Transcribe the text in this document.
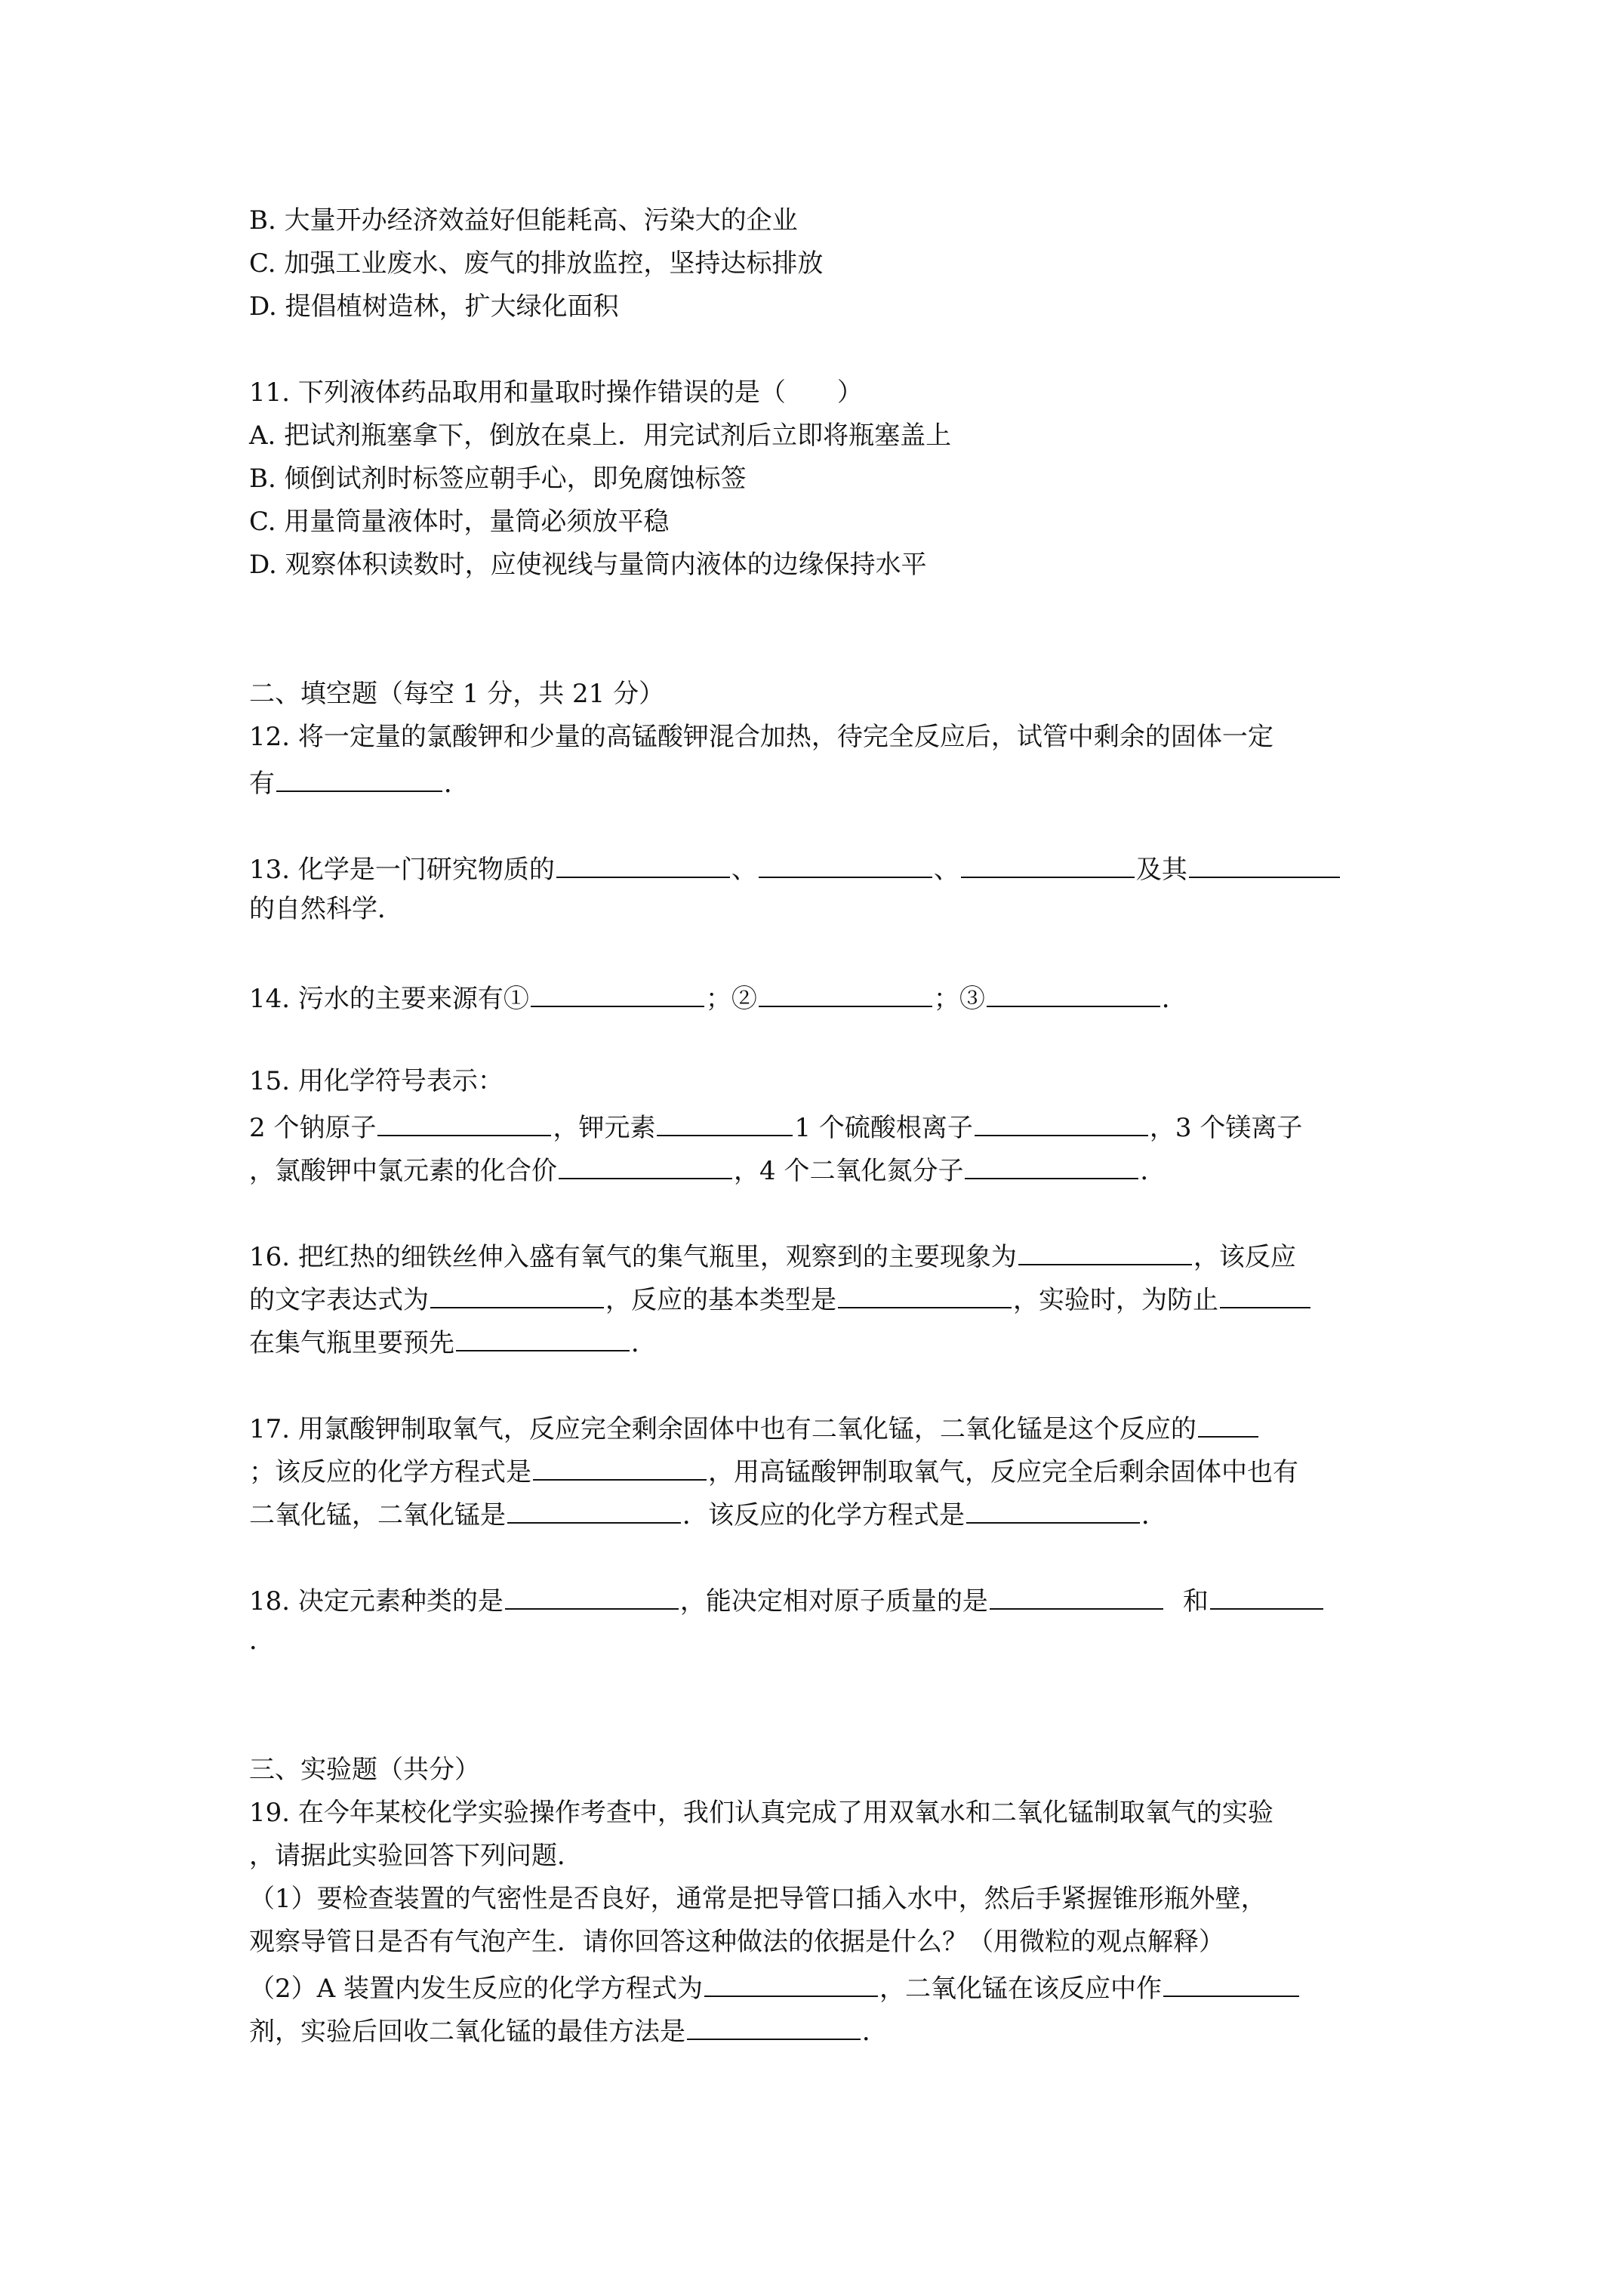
B. 大量开办经济效益好但能耗高、污染大的企业
C. 加强工业废水、废气的排放监控，坚持达标排放
D. 提倡植树造林，扩大绿化面积
11. 下列液体药品取用和量取时操作错误的是（　　）
A. 把试剂瓶塞拿下，倒放在桌上．用完试剂后立即将瓶塞盖上
B. 倾倒试剂时标签应朝手心，即免腐蚀标签
C. 用量筒量液体时，量筒必须放平稳
D. 观察体积读数时，应使视线与量筒内液体的边缘保持水平
二、填空题（每空 1 分，共 21 分）
12. 将一定量的氯酸钾和少量的高锰酸钾混合加热，待完全反应后，试管中剩余的固体一定
有	．
13. 化学是一门研究物质的	、	、	及其
的自然科学．
14. 污水的主要来源有①	；②	；③	．
15. 用化学符号表示：
2 个钠原子	，钾元素	1 个硫酸根离子	，3 个镁离子
，氯酸钾中氯元素的化合价	，4 个二氧化氮分子	．
16. 把红热的细铁丝伸入盛有氧气的集气瓶里，观察到的主要现象为	，该反应
的文字表达式为	，反应的基本类型是	，实验时，为防止
在集气瓶里要预先	．
17. 用氯酸钾制取氧气，反应完全剩余固体中也有二氧化锰，二氧化锰是这个反应的
；该反应的化学方程式是	，用高锰酸钾制取氧气，反应完全后剩余固体中也有
二氧化锰，二氧化锰是	．该反应的化学方程式是	．
18. 决定元素种类的是	，能决定相对原子质量的是	和
．
三、实验题（共分）
19. 在今年某校化学实验操作考查中，我们认真完成了用双氧水和二氧化锰制取氧气的实验
，请据此实验回答下列问题．
（1）要检查装置的气密性是否良好，通常是把导管口插入水中，然后手紧握锥形瓶外壁，
观察导管日是否有气泡产生．请你回答这种做法的依据是什么？（用微粒的观点解释）
（2）A 装置内发生反应的化学方程式为	，二氧化锰在该反应中作
剂，实验后回收二氧化锰的最佳方法是	．
